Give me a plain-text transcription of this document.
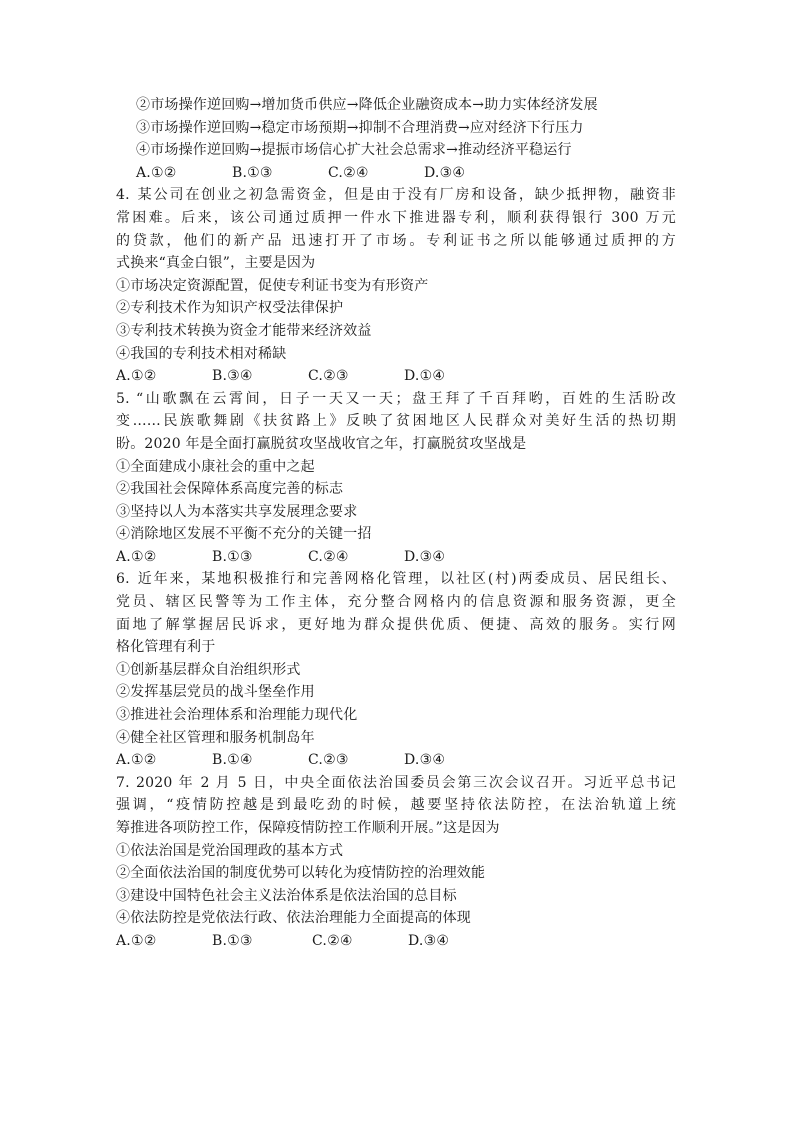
②市场操作逆回购→增加货币供应→降低企业融资成本→助力实体经济发展
③市场操作逆回购→稳定市场预期→抑制不合理消费→应对经济下行压力
④市场操作逆回购→提振市场信心扩大社会总需求→推动经济平稳运行
A.①②	B.①③	C.②④	D.③④
4. 某公司在创业之初急需资金，但是由于没有厂房和设备，缺少抵押物，融资非
常困难。后来，该公司通过质押一件水下推进器专利，顺利获得银行 300 万元
的贷款，他们的新产品 迅速打开了市场。专利证书之所以能够通过质押的方
式换来“真金白银”，主要是因为
①市场决定资源配置，促使专利证书变为有形资产
②专利技术作为知识产权受法律保护
③专利技术转换为资金才能带来经济效益
④我国的专利技术相对稀缺
A.①②	B.③④	C.②③	D.①④
5. “山歌飘在云霄间，日子一天又一天；盘王拜了千百拜哟，百姓的生活盼改
变……民族歌舞剧《扶贫路上》反映了贫困地区人民群众对美好生活的热切期
盼。2020 年是全面打赢脱贫攻坚战收官之年，打赢脱贫攻坚战是
①全面建成小康社会的重中之起
②我国社会保障体系高度完善的标志
③坚持以人为本落实共享发展理念要求
④消除地区发展不平衡不充分的关键一招
A.①②	B.①③	C.②④	D.③④
6. 近年来，某地积极推行和完善网格化管理，以社区(村)两委成员、居民组长、
党员、辖区民警等为工作主体，充分整合网格内的信息资源和服务资源，更全
面地了解掌握居民诉求，更好地为群众提供优质、便捷、高效的服务。实行网
格化管理有利于
①创新基层群众自治组织形式
②发挥基层党员的战斗堡垒作用
③推进社会治理体系和治理能力现代化
④健全社区管理和服务机制岛年
A.①②	B.①④	C.②③	D.③④
7. 2020 年 2 月 5 日，中央全面依法治国委员会第三次会议召开。习近平总书记
强调，“疫情防控越是到最吃劲的时候，越要坚持依法防控，在法治轨道上统
筹推进各项防控工作，保障疫情防控工作顺利开展。”这是因为
①依法治国是党治国理政的基本方式
②全面依法治国的制度优势可以转化为疫情防控的治理效能
③建设中国特色社会主义法治体系是依法治国的总目标
④依法防控是党依法行政、依法治理能力全面提高的体现
A.①②	B.①③	C.②④	D.③④
